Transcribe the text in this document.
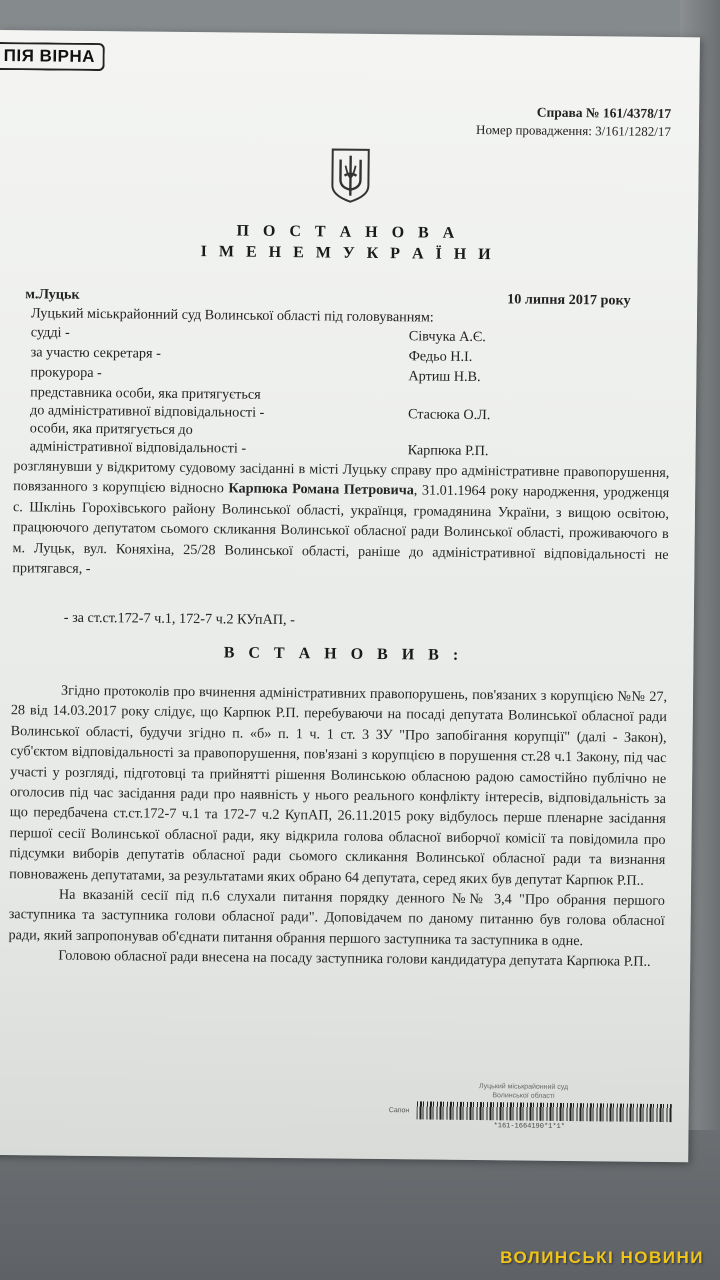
ПІЯ ВІРНА
Справа № 161/4378/17
Номер провадження: 3/161/1282/17
П О С Т А Н О В А
І М Е Н Е М У К Р А Ї Н И
м.Луцьк	10 липня 2017 року
Луцький міськрайонний суд Волинської області під головуванням:
судді -	Сівчука А.Є.
за участю секретаря -	Федьо Н.І.
прокурора -	Артиш Н.В.
представника особи, яка притягується
до адміністративної відповідальності -	Стасюка О.Л.
особи, яка притягується до
адміністративної відповідальності -	Карпюка Р.П.

розглянувши у відкритому судовому засіданні в місті Луцьку справу про адміністративне правопорушення, повязанного з корупцією відносно Карпюка Романа Петровича, 31.01.1964 року народження, уродженця с. Шклінь Горохівського району Волинської області, українця, громадянина України, з вищою освітою, працюючого депутатом сьомого скликання Волинської обласної ради Волинської області, проживаючого в м. Луцьк, вул. Коняхіна, 25/28 Волинської області, раніше до адміністративної відповідальності не притягався, -

- за ст.ст.172-7 ч.1, 172-7 ч.2 КУпАП, -
В С Т А Н О В И В :

Згідно протоколів про вчинення адміністративних правопорушень, пов'язаних з корупцією №№ 27, 28 від 14.03.2017 року слідує, що Карпюк Р.П. перебуваючи на посаді депутата Волинської обласної ради Волинської області, будучи згідно п. «б» п. 1 ч. 1 ст. 3 ЗУ "Про запобігання корупції" (далі - Закон), суб'єктом відповідальності за правопорушення, пов'язані з корупцією в порушення ст.28 ч.1 Закону, під час участі у розгляді, підготовці та прийнятті рішення Волинською обласною радою самостійно публічно не оголосив під час засідання ради про наявність у нього реального конфлікту інтересів, відповідальність за що передбачена ст.ст.172-7 ч.1 та 172-7 ч.2 КупАП, 26.11.2015 року відбулось перше пленарне засідання першої сесії Волинської обласної ради, яку відкрила голова обласної виборчої комісії та повідомила про підсумки виборів депутатів обласної ради сьомого скликання Волинської обласної ради та визнання повноважень депутатами, за результатами яких обрано 64 депутата, серед яких був депутат Карпюк Р.П..

На вказаній сесії під п.6 слухали питання порядку денного №№ 3,4 "Про обрання першого заступника та заступника голови обласної ради". Доповідачем по даному питанню був голова обласної ради, який запропонував об'єднати питання обрання першого заступника та заступника в одне.

Головою обласної ради внесена на посаду заступника голови кандидатура депутата Карпюка Р.П..

Луцький міськрайонний суд
Волинської області
Сапон
*161-1664190*1*1*
ВОЛИНСЬКІ НОВИНИ
